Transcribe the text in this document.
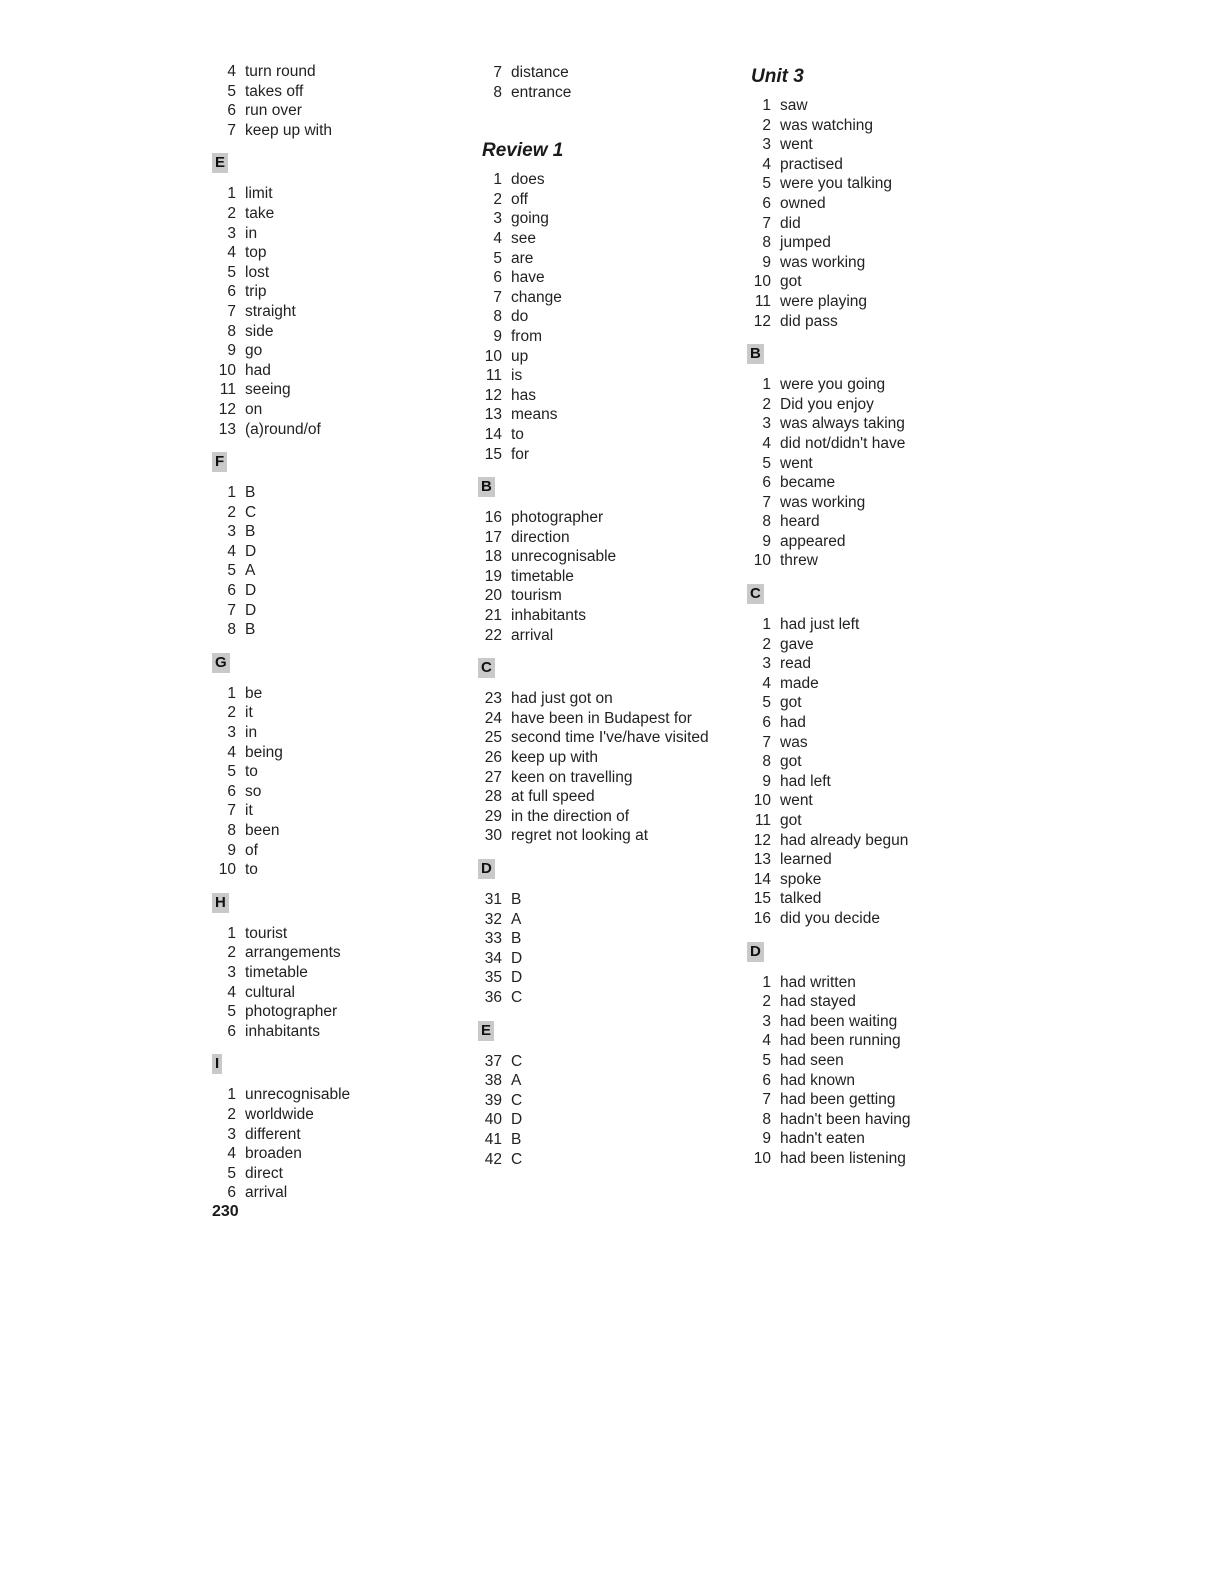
4 turn round
5 takes off
6 run over
7 keep up with
E
1 limit
2 take
3 in
4 top
5 lost
6 trip
7 straight
8 side
9 go
10 had
11 seeing
12 on
13 (a)round/of
F
1 B
2 C
3 B
4 D
5 A
6 D
7 D
8 B
G
1 be
2 it
3 in
4 being
5 to
6 so
7 it
8 been
9 of
10 to
H
1 tourist
2 arrangements
3 timetable
4 cultural
5 photographer
6 inhabitants
I
1 unrecognisable
2 worldwide
3 different
4 broaden
5 direct
6 arrival
7 distance
8 entrance
Review 1
1 does
2 off
3 going
4 see
5 are
6 have
7 change
8 do
9 from
10 up
11 is
12 has
13 means
14 to
15 for
B
16 photographer
17 direction
18 unrecognisable
19 timetable
20 tourism
21 inhabitants
22 arrival
C
23 had just got on
24 have been in Budapest for
25 second time I've/have visited
26 keep up with
27 keen on travelling
28 at full speed
29 in the direction of
30 regret not looking at
D
31 B
32 A
33 B
34 D
35 D
36 C
E
37 C
38 A
39 C
40 D
41 B
42 C
Unit 3
1 saw
2 was watching
3 went
4 practised
5 were you talking
6 owned
7 did
8 jumped
9 was working
10 got
11 were playing
12 did pass
B
1 were you going
2 Did you enjoy
3 was always taking
4 did not/didn't have
5 went
6 became
7 was working
8 heard
9 appeared
10 threw
C
1 had just left
2 gave
3 read
4 made
5 got
6 had
7 was
8 got
9 had left
10 went
11 got
12 had already begun
13 learned
14 spoke
15 talked
16 did you decide
D
1 had written
2 had stayed
3 had been waiting
4 had been running
5 had seen
6 had known
7 had been getting
8 hadn't been having
9 hadn't eaten
10 had been listening
230
